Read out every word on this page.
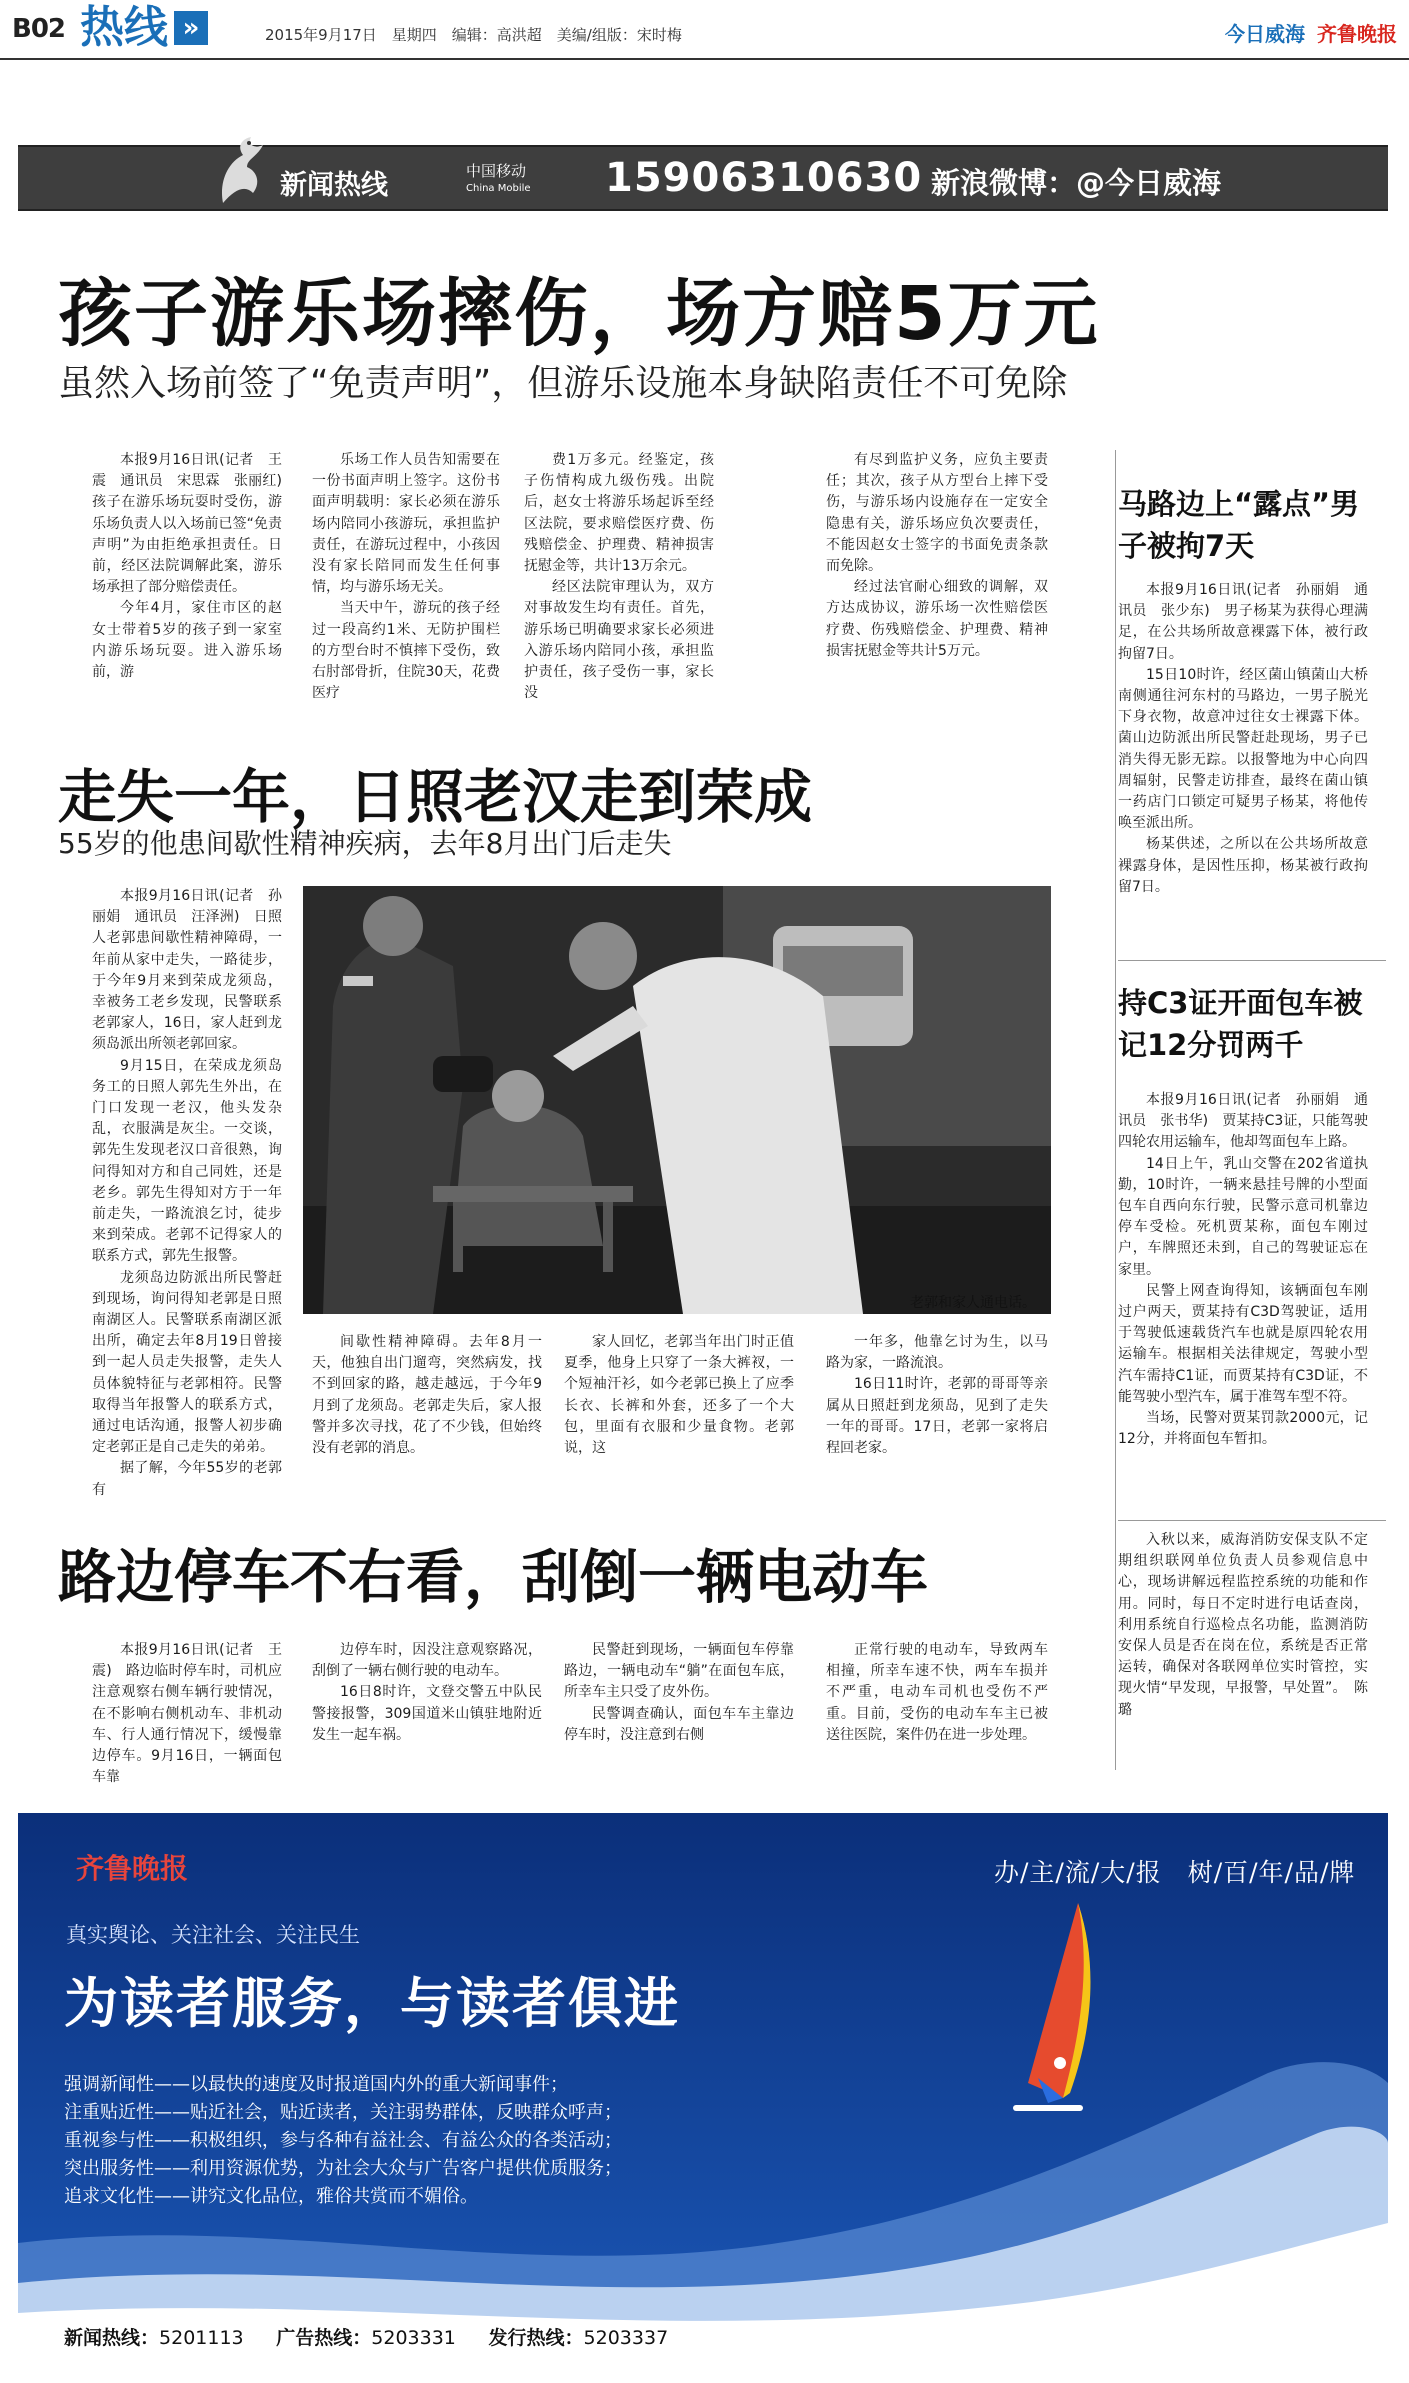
B02 热线 »	2015年9月17日　星期四　编辑：高洪超　美编/组版：宋时梅	今日威海 齐鲁晚报
新闻热线	中国移动
China Mobile 15906310630 新浪微博：@今日威海
孩子游乐场摔伤，场方赔5万元
虽然入场前签了“免责声明”，但游乐设施本身缺陷责任不可免除

本报9月16日讯(记者　王震　通讯员　宋思霖　张丽红)　孩子在游乐场玩耍时受伤，游乐场负责人以入场前已签“免责声明”为由拒绝承担责任。日前，经区法院调解此案，游乐场承担了部分赔偿责任。

今年4月，家住市区的赵女士带着5岁的孩子到一家室内游乐场玩耍。进入游乐场前，游

乐场工作人员告知需要在一份书面声明上签字。这份书面声明载明：家长必须在游乐场内陪同小孩游玩，承担监护责任，在游玩过程中，小孩因没有家长陪同而发生任何事情，均与游乐场无关。

当天中午，游玩的孩子经过一段高约1米、无防护围栏的方型台时不慎摔下受伤，致右肘部骨折，住院30天，花费医疗

费1万多元。经鉴定，孩子伤情构成九级伤残。出院后，赵女士将游乐场起诉至经区法院，要求赔偿医疗费、伤残赔偿金、护理费、精神损害抚慰金等，共计13万余元。

经区法院审理认为，双方对事故发生均有责任。首先，游乐场已明确要求家长必须进入游乐场内陪同小孩，承担监护责任，孩子受伤一事，家长没

有尽到监护义务，应负主要责任；其次，孩子从方型台上摔下受伤，与游乐场内设施存在一定安全隐患有关，游乐场应负次要责任，不能因赵女士签字的书面免责条款而免除。

经过法官耐心细致的调解，双方达成协议，游乐场一次性赔偿医疗费、伤残赔偿金、护理费、精神损害抚慰金等共计5万元。

走失一年，日照老汉走到荣成
55岁的他患间歇性精神疾病，去年8月出门后走失

本报9月16日讯(记者　孙丽娟　通讯员　汪泽洲)　日照人老郭患间歇性精神障碍，一年前从家中走失，一路徒步，于今年9月来到荣成龙须岛，幸被务工老乡发现，民警联系老郭家人，16日，家人赶到龙须岛派出所领老郭回家。

9月15日，在荣成龙须岛务工的日照人郭先生外出，在门口发现一老汉，他头发杂乱，衣服满是灰尘。一交谈，郭先生发现老汉口音很熟，询问得知对方和自己同姓，还是老乡。郭先生得知对方于一年前走失，一路流浪乞讨，徒步来到荣成。老郭不记得家人的联系方式，郭先生报警。

龙须岛边防派出所民警赶到现场，询问得知老郭是日照南湖区人。民警联系南湖区派出所，确定去年8月19日曾接到一起人员走失报警，走失人员体貌特征与老郭相符。民警取得当年报警人的联系方式，通过电话沟通，报警人初步确定老郭正是自己走失的弟弟。

据了解，今年55岁的老郭有

老郭和家人通电话。

间歇性精神障碍。去年8月一天，他独自出门遛弯，突然病发，找不到回家的路，越走越远，于今年9月到了龙须岛。老郭走失后，家人报警并多次寻找，花了不少钱，但始终没有老郭的消息。

家人回忆，老郭当年出门时正值夏季，他身上只穿了一条大裤衩，一个短袖汗衫，如今老郭已换上了应季长衣、长裤和外套，还多了一个大包，里面有衣服和少量食物。老郭说，这

一年多，他靠乞讨为生，以马路为家，一路流浪。

16日11时许，老郭的哥哥等亲属从日照赶到龙须岛，见到了走失一年的哥哥。17日，老郭一家将启程回老家。

路边停车不右看，刮倒一辆电动车

本报9月16日讯(记者　王震)　路边临时停车时，司机应注意观察右侧车辆行驶情况，在不影响右侧机动车、非机动车、行人通行情况下，缓慢靠边停车。9月16日，一辆面包车靠

边停车时，因没注意观察路况，刮倒了一辆右侧行驶的电动车。

16日8时许，文登交警五中队民警接报警，309国道米山镇驻地附近发生一起车祸。

民警赶到现场，一辆面包车停靠路边，一辆电动车“躺”在面包车底，所幸车主只受了皮外伤。

民警调查确认，面包车车主靠边停车时，没注意到右侧

正常行驶的电动车，导致两车相撞，所幸车速不快，两车车损并不严重，电动车司机也受伤不严重。目前，受伤的电动车车主已被送往医院，案件仍在进一步处理。

马路边上“露点”男子被拘7天

本报9月16日讯(记者　孙丽娟　通讯员　张少东)　男子杨某为获得心理满足，在公共场所故意裸露下体，被行政拘留7日。

15日10时许，经区菌山镇菌山大桥南侧通往河东村的马路边，一男子脱光下身衣物，故意冲过往女士裸露下体。菌山边防派出所民警赶赴现场，男子已消失得无影无踪。以报警地为中心向四周辐射，民警走访排查，最终在菌山镇一药店门口锁定可疑男子杨某，将他传唤至派出所。

杨某供述，之所以在公共场所故意裸露身体，是因性压抑，杨某被行政拘留7日。

持C3证开面包车被记12分罚两千

本报9月16日讯(记者　孙丽娟　通讯员　张书华)　贾某持C3证，只能驾驶四轮农用运输车，他却驾面包车上路。

14日上午，乳山交警在202省道执勤，10时许，一辆来悬挂号牌的小型面包车自西向东行驶，民警示意司机靠边停车受检。死机贾某称，面包车刚过户，车牌照还未到，自己的驾驶证忘在家里。

民警上网查询得知，该辆面包车刚过户两天，贾某持有C3D驾驶证，适用于驾驶低速载货汽车也就是原四轮农用运输车。根据相关法律规定，驾驶小型汽车需持C1证，而贾某持有C3D证，不能驾驶小型汽车，属于准驾车型不符。

当场，民警对贾某罚款2000元，记12分，并将面包车暂扣。

入秋以来，威海消防安保支队不定期组织联网单位负责人员参观信息中心，现场讲解远程监控系统的功能和作用。同时，每日不定时进行电话查岗，利用系统自行巡检点名功能，监测消防安保人员是否在岗在位，系统是否正常运转，确保对各联网单位实时管控，实现火情“早发现，早报警，早处置”。　陈璐

齐鲁晚报	办/主/流/大/报　树/百/年/品/牌
真实舆论、关注社会、关注民生
为读者服务，与读者俱进
强调新闻性——以最快的速度及时报道国内外的重大新闻事件；
注重贴近性——贴近社会，贴近读者，关注弱势群体，反映群众呼声；
重视参与性——积极组织，参与各种有益社会、有益公众的各类活动；
突出服务性——利用资源优势，为社会大众与广告客户提供优质服务；
追求文化性——讲究文化品位，雅俗共赏而不媚俗。
新闻热线：5201113 广告热线：5203331 发行热线：5203337
